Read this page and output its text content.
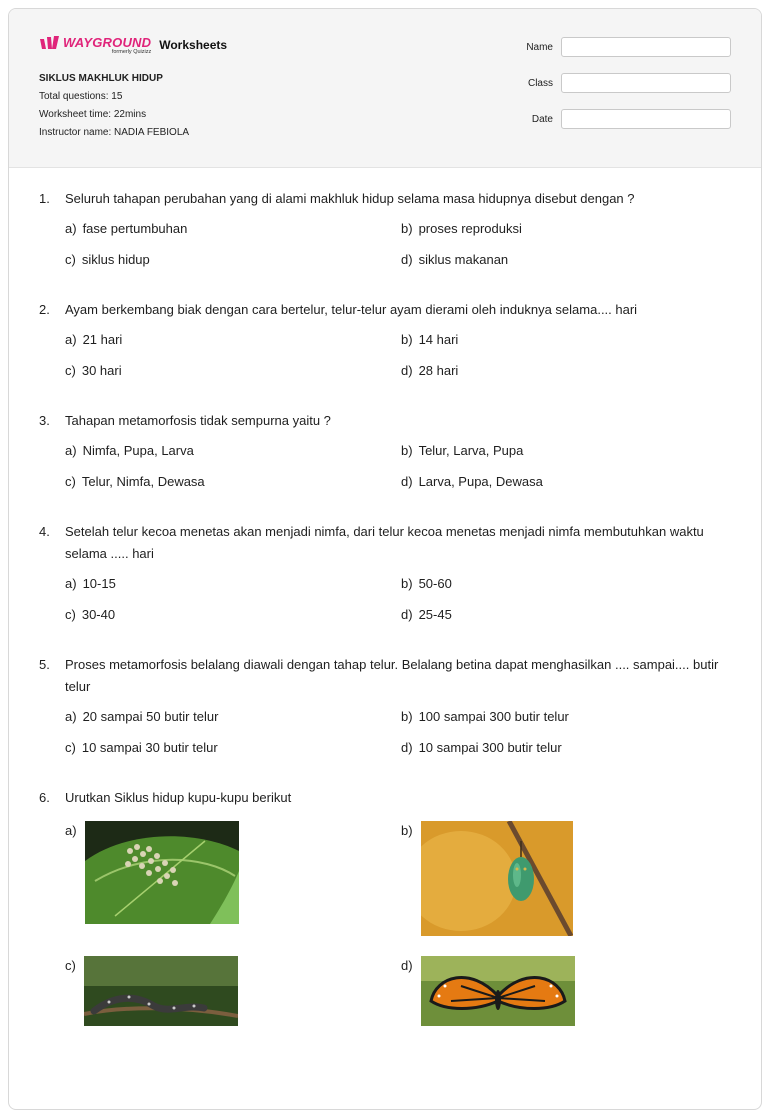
WAYGROUND
formerly Quizizz Worksheets
SIKLUS MAKHLUK HIDUP
Total questions: 15
Worksheet time: 22mins
Instructor name: NADIA FEBIOLA
Name
Class
Date
1.	Seluruh tahapan perubahan yang di alami makhluk hidup selama masa hidupnya disebut dengan ?
a) fase pertumbuhan	b) proses reproduksi
c) siklus hidup	d) siklus makanan
2.	Ayam berkembang biak dengan cara bertelur, telur-telur ayam dierami oleh induknya selama.... hari
a) 21 hari	b) 14 hari
c) 30 hari	d) 28 hari
3.	Tahapan metamorfosis tidak sempurna yaitu ?
a) Nimfa, Pupa, Larva	b) Telur, Larva, Pupa
c) Telur, Nimfa, Dewasa	d) Larva, Pupa, Dewasa
4.	Setelah telur kecoa menetas akan menjadi nimfa, dari telur kecoa menetas menjadi nimfa membutuhkan waktu selama ..... hari
a) 10-15	b) 50-60
c) 30-40	d) 25-45
5.	Proses metamorfosis belalang diawali dengan tahap telur. Belalang betina dapat menghasilkan .... sampai.... butir telur
a) 20 sampai 50 butir telur	b) 100 sampai 300 butir telur
c) 10 sampai 30 butir telur	d) 10 sampai 300 butir telur
6.	Urutkan Siklus hidup kupu-kupu berikut
a)	b)
c)	d)
